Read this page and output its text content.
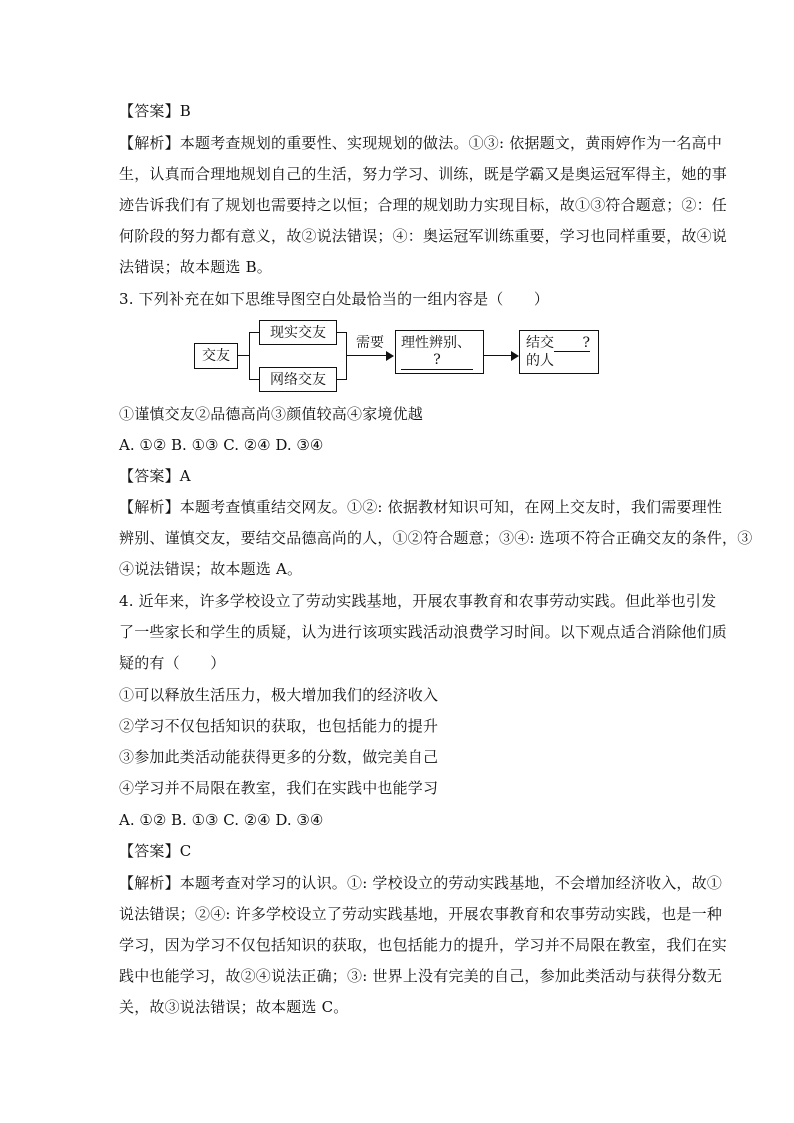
【答案】B
【解析】本题考查规划的重要性、实现规划的做法。①③: 依据题文，黄雨婷作为一名高中
生，认真而合理地规划自己的生活，努力学习、训练，既是学霸又是奥运冠军得主，她的事
迹告诉我们有了规划也需要持之以恒；合理的规划助力实现目标，故①③符合题意；②：任
何阶段的努力都有意义，故②说法错误；④：奥运冠军训练重要，学习也同样重要，故④说
法错误；故本题选 B。
3. 下列补充在如下思维导图空白处最恰当的一组内容是（　　）
交友
现实交友
网络交友
需要 理性辨别、
?
结交 ?
的人
①谨慎交友②品德高尚③颜值较高④家境优越
A. ①② B. ①③ C. ②④ D. ③④
【答案】A
【解析】本题考查慎重结交网友。①②: 依据教材知识可知，在网上交友时，我们需要理性
辨别、谨慎交友，要结交品德高尚的人，①②符合题意；③④: 选项不符合正确交友的条件，③
④说法错误；故本题选 A。
4. 近年来，许多学校设立了劳动实践基地，开展农事教育和农事劳动实践。但此举也引发
了一些家长和学生的质疑，认为进行该项实践活动浪费学习时间。以下观点适合消除他们质
疑的有（　　）
①可以释放生活压力，极大增加我们的经济收入
②学习不仅包括知识的获取，也包括能力的提升
③参加此类活动能获得更多的分数，做完美自己
④学习并不局限在教室，我们在实践中也能学习
A. ①② B. ①③ C. ②④ D. ③④
【答案】C
【解析】本题考查对学习的认识。①: 学校设立的劳动实践基地，不会增加经济收入，故①
说法错误；②④: 许多学校设立了劳动实践基地，开展农事教育和农事劳动实践，也是一种
学习，因为学习不仅包括知识的获取，也包括能力的提升，学习并不局限在教室，我们在实
践中也能学习，故②④说法正确；③: 世界上没有完美的自己，参加此类活动与获得分数无
关，故③说法错误；故本题选 C。
